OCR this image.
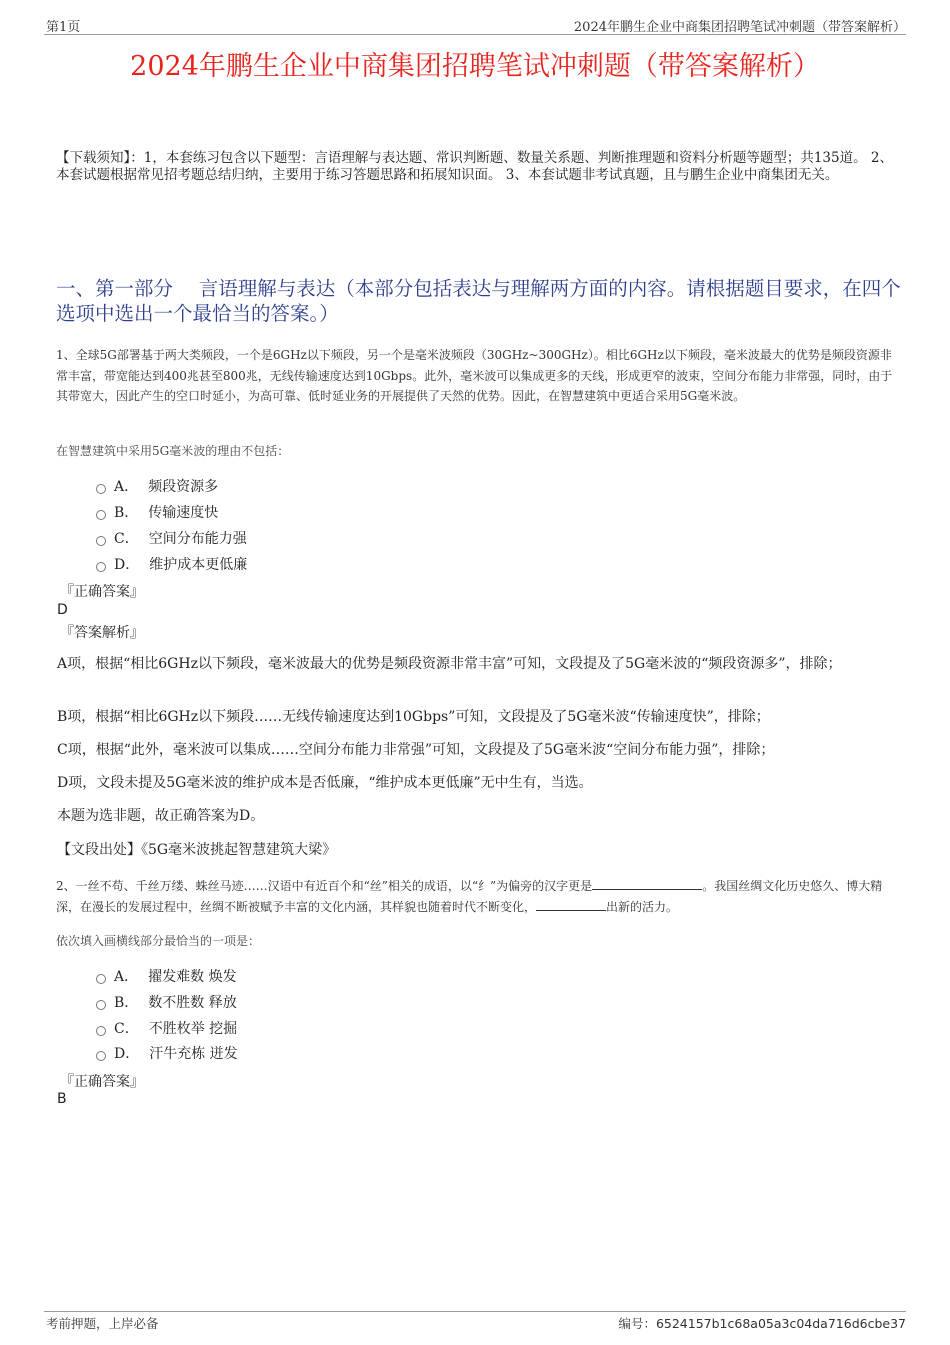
第1页	2024年鹏生企业中商集团招聘笔试冲刺题（带答案解析）
2024年鹏生企业中商集团招聘笔试冲刺题（带答案解析）
【下载须知】：1，本套练习包含以下题型：言语理解与表达题、常识判断题、数量关系题、判断推理题和资料分析题等题型；共135道。 2、本套试题根据常见招考题总结归纳，主要用于练习答题思路和拓展知识面。 3、本套试题非考试真题，且与鹏生企业中商集团无关。
一、第一部分　 言语理解与表达（本部分包括表达与理解两方面的内容。请根据题目要求，在四个选项中选出一个最恰当的答案。）
1、全球5G部署基于两大类频段，一个是6GHz以下频段，另一个是毫米波频段（30GHz~300GHz）。相比6GHz以下频段，毫米波最大的优势是频段资源非常丰富，带宽能达到400兆甚至800兆，无线传输速度达到10Gbps。此外，毫米波可以集成更多的天线，形成更窄的波束，空间分布能力非常强，同时，由于其带宽大，因此产生的空口时延小，为高可靠、低时延业务的开展提供了天然的优势。因此，在智慧建筑中更适合采用5G毫米波。
在智慧建筑中采用5G毫米波的理由不包括：
A． 频段资源多
B． 传输速度快
C． 空间分布能力强
D． 维护成本更低廉
『正确答案』
D
『答案解析』
A项，根据“相比6GHz以下频段，毫米波最大的优势是频段资源非常丰富”可知，文段提及了5G毫米波的“频段资源多”，排除；
B项，根据“相比6GHz以下频段……无线传输速度达到10Gbps”可知，文段提及了5G毫米波“传输速度快”，排除；
C项，根据“此外，毫米波可以集成……空间分布能力非常强”可知，文段提及了5G毫米波“空间分布能力强”，排除；
D项，文段未提及5G毫米波的维护成本是否低廉，“维护成本更低廉”无中生有，当选。
本题为选非题，故正确答案为D。
【文段出处】《5G毫米波挑起智慧建筑大梁》
2、一丝不苟、千丝万缕、蛛丝马迹……汉语中有近百个和“丝”相关的成语，以“纟”为偏旁的汉字更是	。我国丝绸文化历史悠久、博大精深，在漫长的发展过程中，丝绸不断被赋予丰富的文化内涵，其样貌也随着时代不断变化，	出新的活力。
依次填入画横线部分最恰当的一项是：
A． 擢发难数 焕发
B． 数不胜数 释放
C． 不胜枚举 挖掘
D． 汗牛充栋 迸发
『正确答案』
B
考前押题，上岸必备	编号：6524157b1c68a05a3c04da716d6cbe37
